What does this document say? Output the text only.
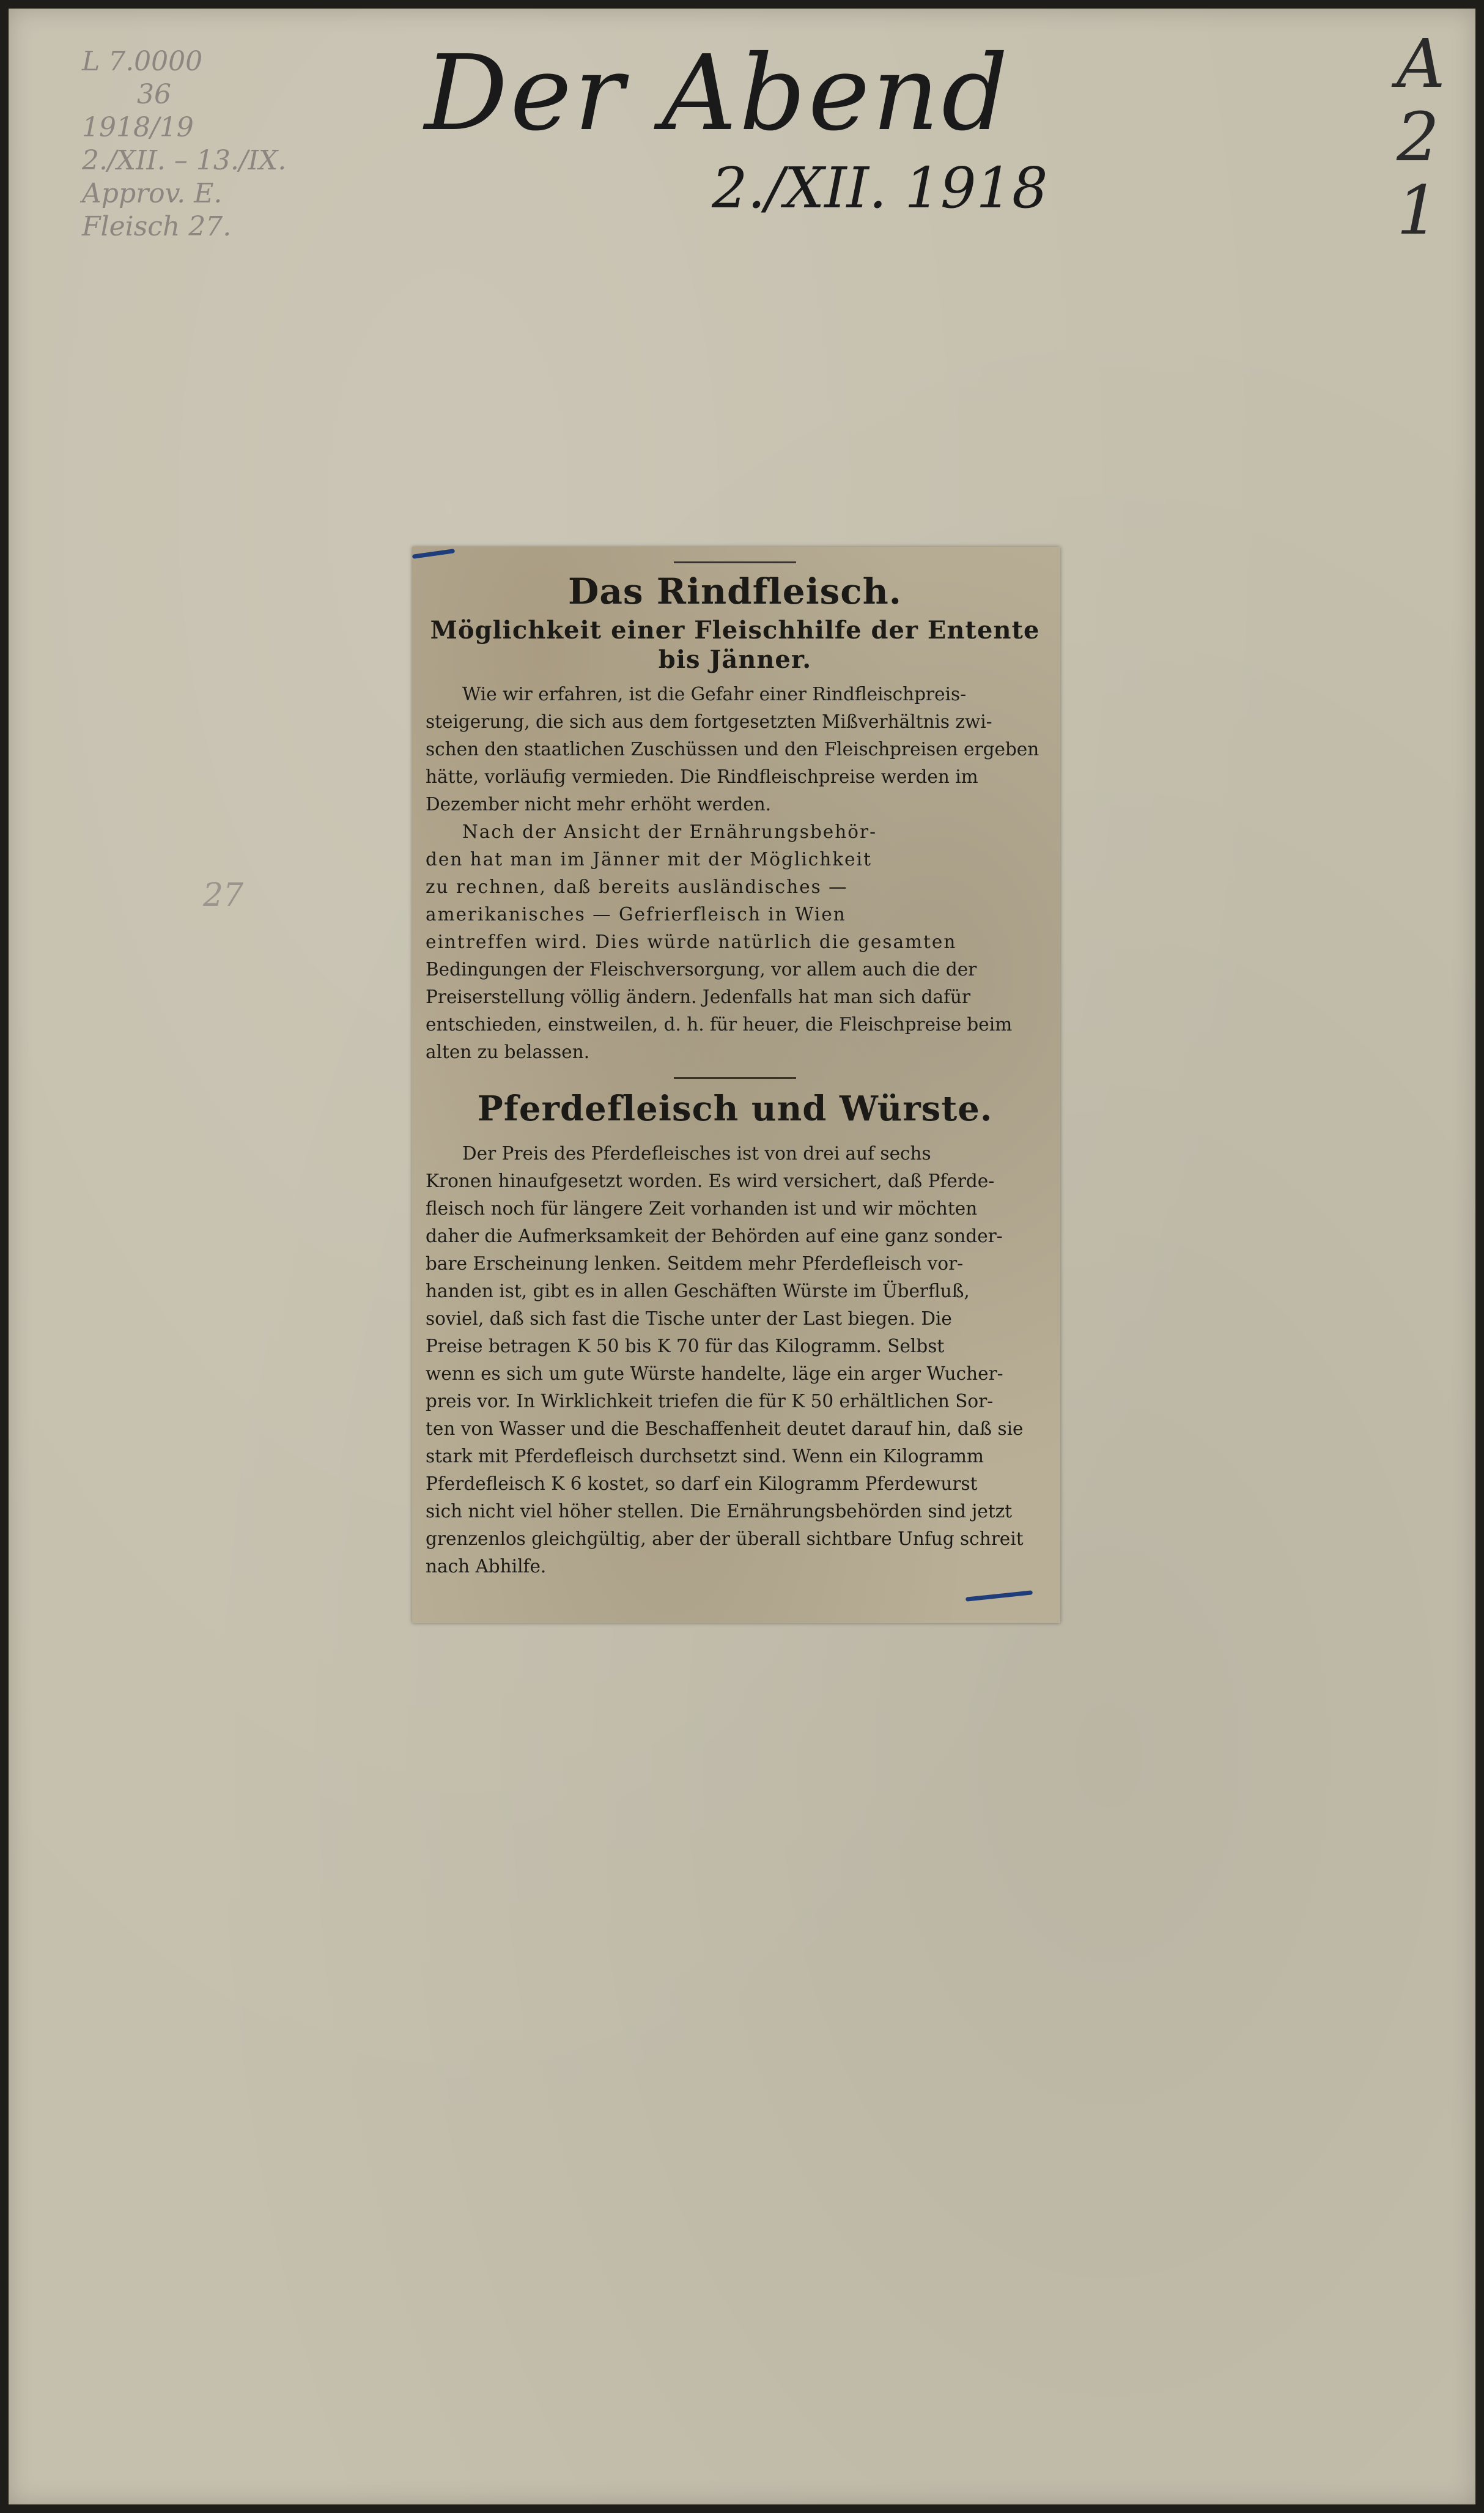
Der Abend
2./XII. 1918
L 7.0000
36
1918/19
2./XII. – 13./IX.
Approv. E.
Fleisch 27.
A
2
1
27
Das Rindfleisch.
Möglichkeit einer Fleischhilfe der Entente
bis Jänner.

Wie wir erfahren, ist die Gefahr einer Rindfleischpreis-
steigerung, die sich aus dem fortgesetzten Mißverhältnis zwi-
schen den staatlichen Zuschüssen und den Fleischpreisen ergeben
hätte, vorläufig vermieden. Die Rindfleischpreise werden im
Dezember nicht mehr erhöht werden.

Nach der Ansicht der Ernährungsbehör-
den hat man im Jänner mit der Möglichkeit
zu rechnen, daß bereits ausländisches —
amerikanisches — Gefrierfleisch in Wien
eintreffen wird. Dies würde natürlich die gesamten
Bedingungen der Fleischversorgung, vor allem auch die der
Preiserstellung völlig ändern. Jedenfalls hat man sich dafür
entschieden, einstweilen, d. h. für heuer, die Fleischpreise beim
alten zu belassen.

Pferdefleisch und Würste.

Der Preis des Pferdefleisches ist von drei auf sechs
Kronen hinaufgesetzt worden. Es wird versichert, daß Pferde-
fleisch noch für längere Zeit vorhanden ist und wir möchten
daher die Aufmerksamkeit der Behörden auf eine ganz sonder-
bare Erscheinung lenken. Seitdem mehr Pferdefleisch vor-
handen ist, gibt es in allen Geschäften Würste im Überfluß,
soviel, daß sich fast die Tische unter der Last biegen. Die
Preise betragen K 50 bis K 70 für das Kilogramm. Selbst
wenn es sich um gute Würste handelte, läge ein arger Wucher-
preis vor. In Wirklichkeit triefen die für K 50 erhältlichen Sor-
ten von Wasser und die Beschaffenheit deutet darauf hin, daß sie
stark mit Pferdefleisch durchsetzt sind. Wenn ein Kilogramm
Pferdefleisch K 6 kostet, so darf ein Kilogramm Pferdewurst
sich nicht viel höher stellen. Die Ernährungsbehörden sind jetzt
grenzenlos gleichgültig, aber der überall sichtbare Unfug schreit
nach Abhilfe.
